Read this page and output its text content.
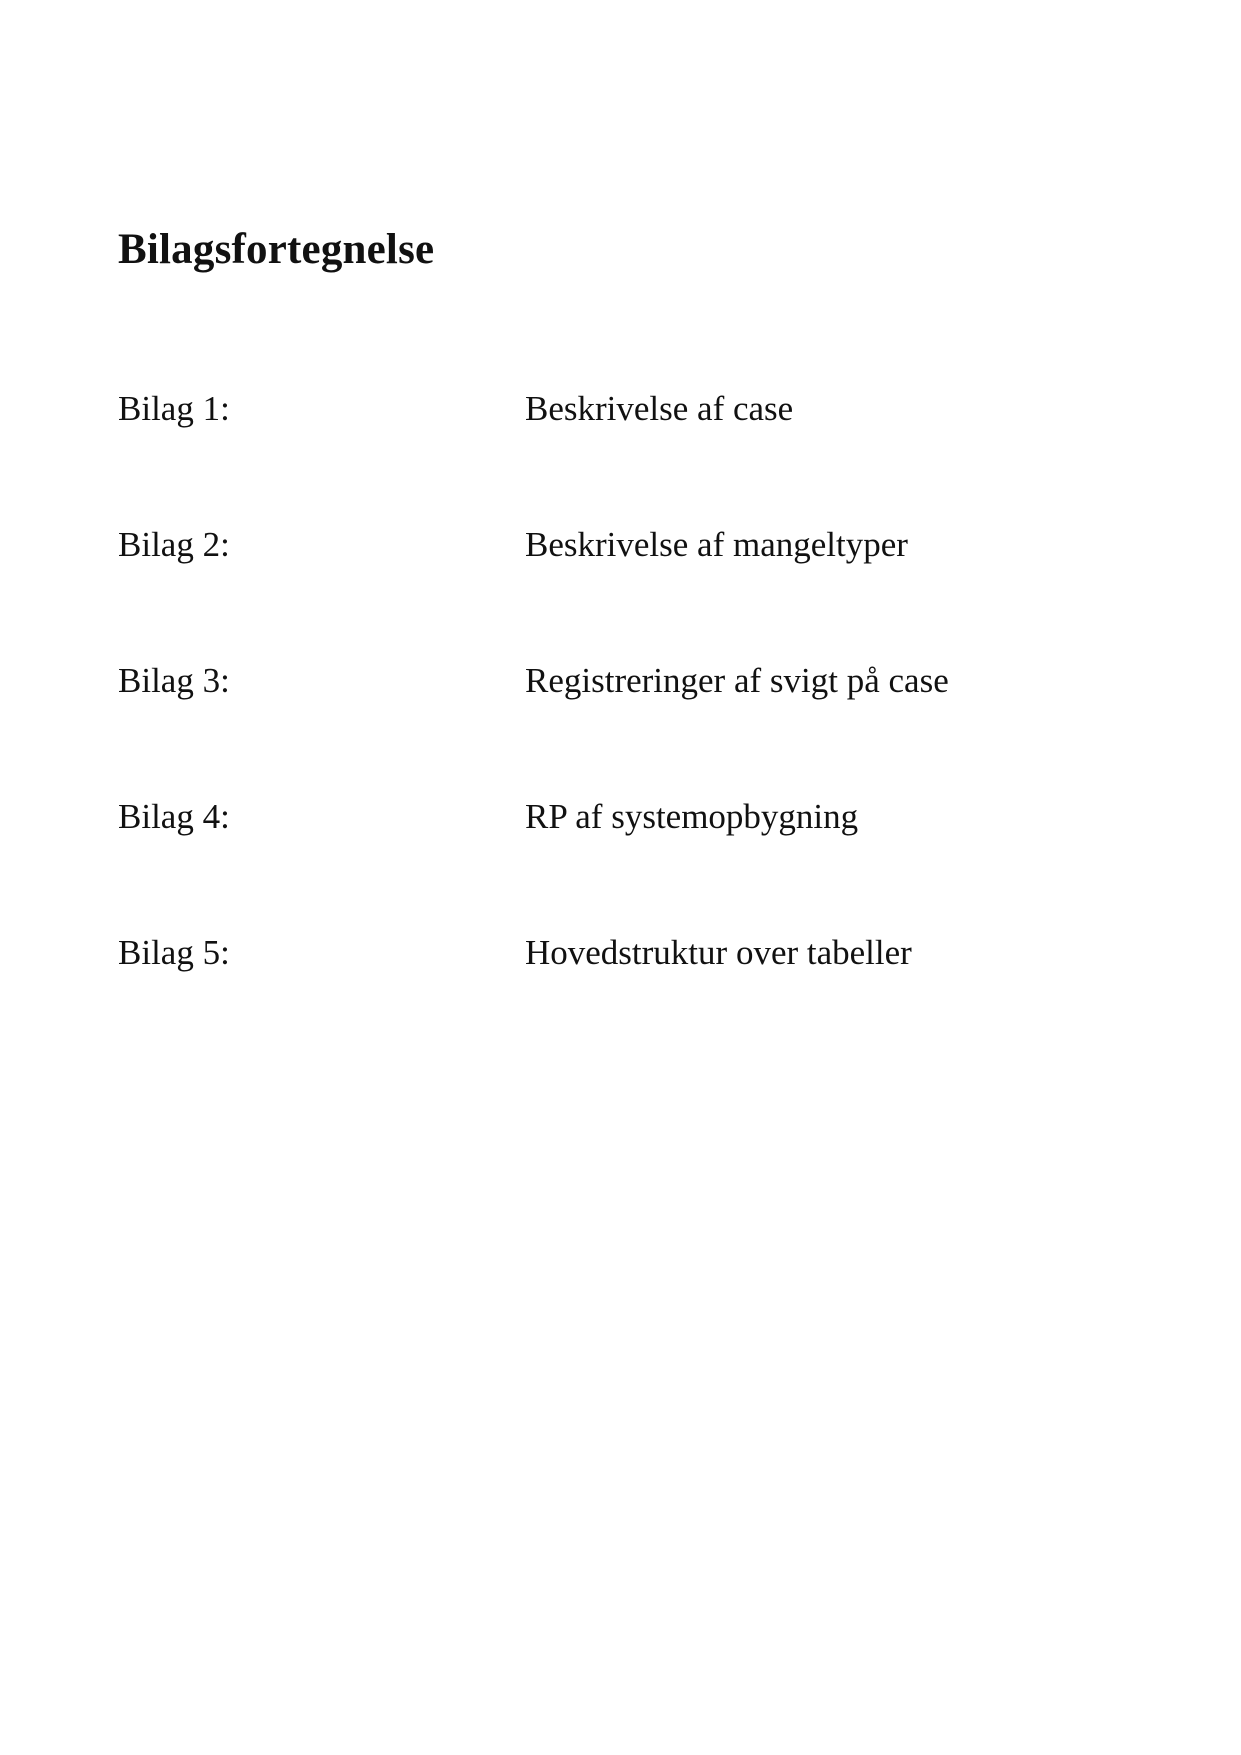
Bilagsfortegnelse
Bilag 1:	Beskrivelse af case
Bilag 2:	Beskrivelse af mangeltyper
Bilag 3:	Registreringer af svigt på case
Bilag 4:	RP af systemopbygning
Bilag 5:	Hovedstruktur over tabeller
